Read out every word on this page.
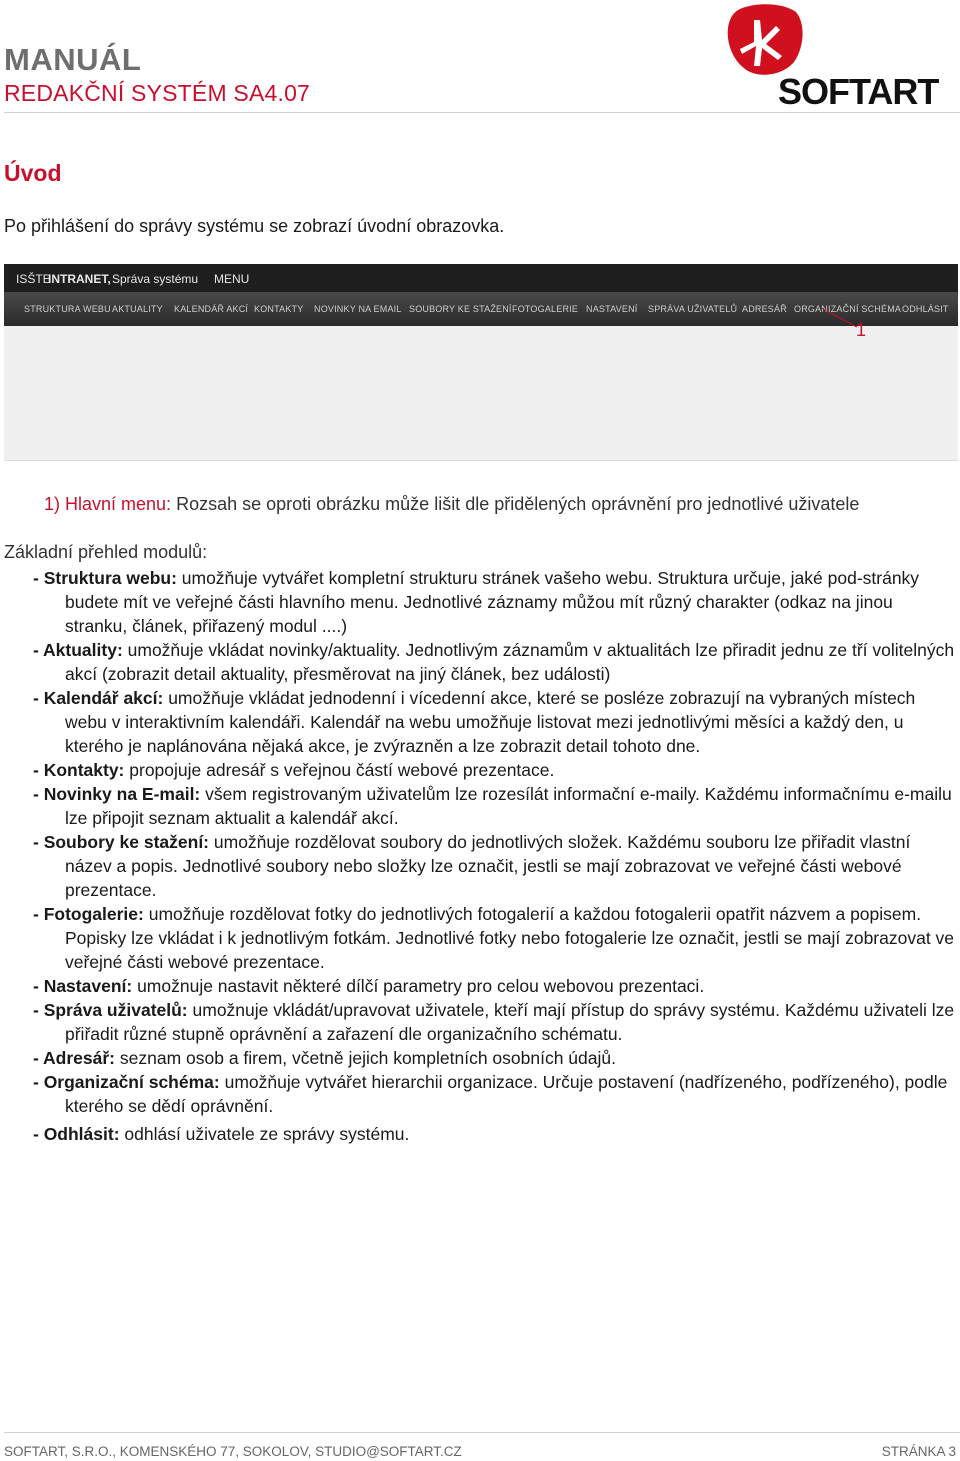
MANUÁL
REDAKČNÍ SYSTÉM SA4.07	SOFTART
Úvod
Po přihlášení do správy systému se zobrazí úvodní obrazovka.
ISŠTE
INTRANET, Správa systému MENU
STRUKTURA WEBU AKTUALITY KALENDÁŘ AKCÍ KONTAKTY NOVINKY NA EMAIL SOUBORY KE STAŽENÍ FOTOGALERIE NASTAVENÍ SPRÁVA UŽIVATELŮ ADRESÁŘ ORGANIZAČNÍ SCHÉMA ODHLÁSIT
1
1) Hlavní menu: Rozsah se oproti obrázku může lišit dle přidělených oprávnění pro jednotlivé uživatele
Základní přehled modulů:
- Struktura webu: umožňuje vytvářet kompletní strukturu stránek vašeho webu. Struktura určuje, jaké pod-stránky budete mít ve veřejné části hlavního menu. Jednotlivé záznamy můžou mít různý charakter (odkaz na jinou stranku, článek, přiřazený modul ....)
- Aktuality: umožňuje vkládat novinky/aktuality. Jednotlivým záznamům v aktualitách lze přiradit jednu ze tří volitelných akcí (zobrazit detail aktuality, přesměrovat na jiný článek, bez události)
- Kalendář akcí: umožňuje vkládat jednodenní i vícedenní akce, které se posléze zobrazují na vybraných místech webu v interaktivním kalendáři. Kalendář na webu umožňuje listovat mezi jednotlivými měsíci a každý den, u kterého je naplánována nějaká akce, je zvýrazněn a lze zobrazit detail tohoto dne.
- Kontakty: propojuje adresář s veřejnou částí webové prezentace.
- Novinky na E-mail: všem registrovaným uživatelům lze rozesílát informační e-maily. Každému informačnímu e-mailu lze připojit seznam aktualit a kalendář akcí.
- Soubory ke stažení: umožňuje rozdělovat soubory do jednotlivých složek. Každému souboru lze přiřadit vlastní název a popis. Jednotlivé soubory nebo složky lze označit, jestli se mají zobrazovat ve veřejné části webové prezentace.
- Fotogalerie: umožňuje rozdělovat fotky do jednotlivých fotogalerií a každou fotogalerii opatřit názvem a popisem. Popisky lze vkládat i k jednotlivým fotkám. Jednotlivé fotky nebo fotogalerie lze označit, jestli se mají zobrazovat ve veřejné části webové prezentace.
- Nastavení: umožnuje nastavit některé dílčí parametry pro celou webovou prezentaci.
- Správa uživatelů: umožnuje vkládát/upravovat uživatele, kteří mají přístup do správy systému. Každému uživateli lze přiřadit různé stupně oprávnění a zařazení dle organizačního schématu.
- Adresář: seznam osob a firem, včetně jejich kompletních osobních údajů.
- Organizační schéma: umožňuje vytvářet hierarchii organizace. Určuje postavení (nadřízeného, podřízeného), podle kterého se dědí oprávnění.
- Odhlásit: odhlásí uživatele ze správy systému.
SOFTART, S.R.O., KOMENSKÉHO 77, SOKOLOV, STUDIO@SOFTART.CZ	STRÁNKA 3
